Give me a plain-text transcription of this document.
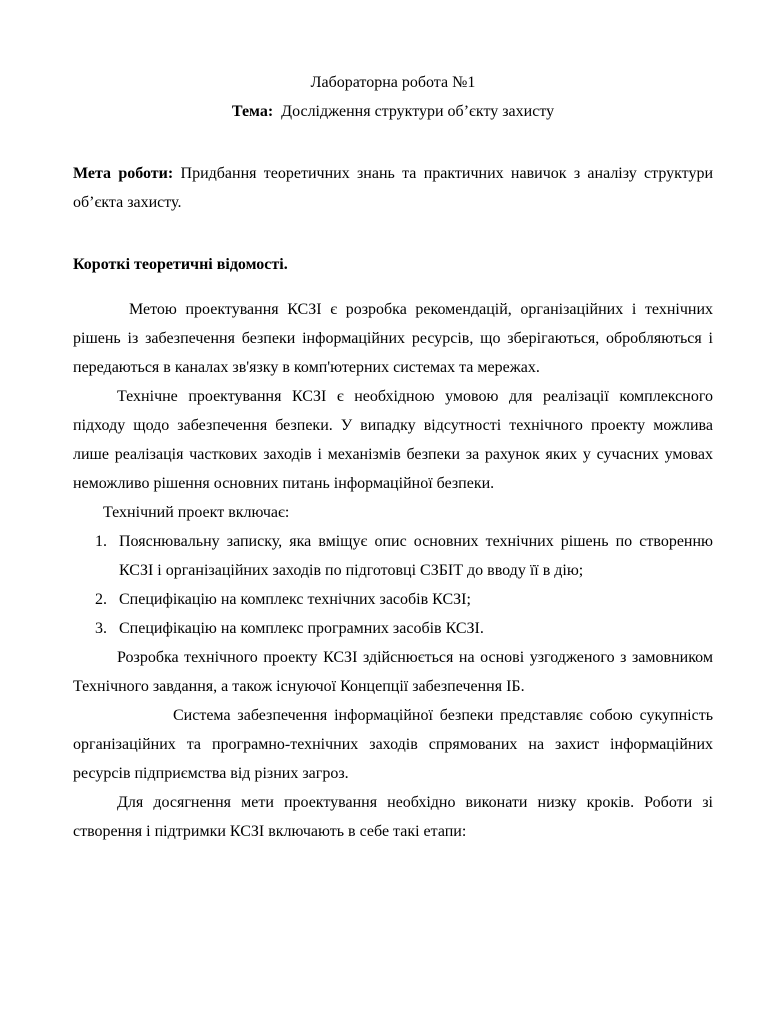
Лабораторна робота №1

Тема: Дослідження структури об’єкту захисту

Мета роботи: Придбання теоретичних знань та практичних навичок з аналізу структури об’єкта захисту.

Короткі теоретичні відомості.

Метою проектування КСЗІ є розробка рекомендацій, організаційних і технічних рішень із забезпечення безпеки інформаційних ресурсів, що зберігаються, обробляються і передаються в каналах зв'язку в комп'ютерних системах та мережах.

Технічне проектування КСЗІ є необхідною умовою для реалізації комплексного підходу щодо забезпечення безпеки. У випадку відсутності технічного проекту можлива лише реалізація часткових заходів і механізмів безпеки за рахунок яких у сучасних умовах неможливо рішення основних питань інформаційної безпеки.

Технічний проект включає:

1. Пояснювальну записку, яка вміщує опис основних технічних рішень по створенню КСЗІ і організаційних заходів по підготовці СЗБІТ до вводу її в дію;
2. Специфікацію на комплекс технічних засобів КСЗІ;
3. Специфікацію на комплекс програмних засобів КСЗІ.

Розробка технічного проекту КСЗІ здійснюється на основі узгодженого з замовником Технічного завдання, а також існуючої Концепції забезпечення ІБ.

Система забезпечення інформаційної безпеки представляє собою сукупність організаційних та програмно-технічних заходів спрямованих на захист інформаційних ресурсів підприємства від різних загроз.

Для досягнення мети проектування необхідно виконати низку кроків. Роботи зі створення і підтримки КСЗІ включають в себе такі етапи:
